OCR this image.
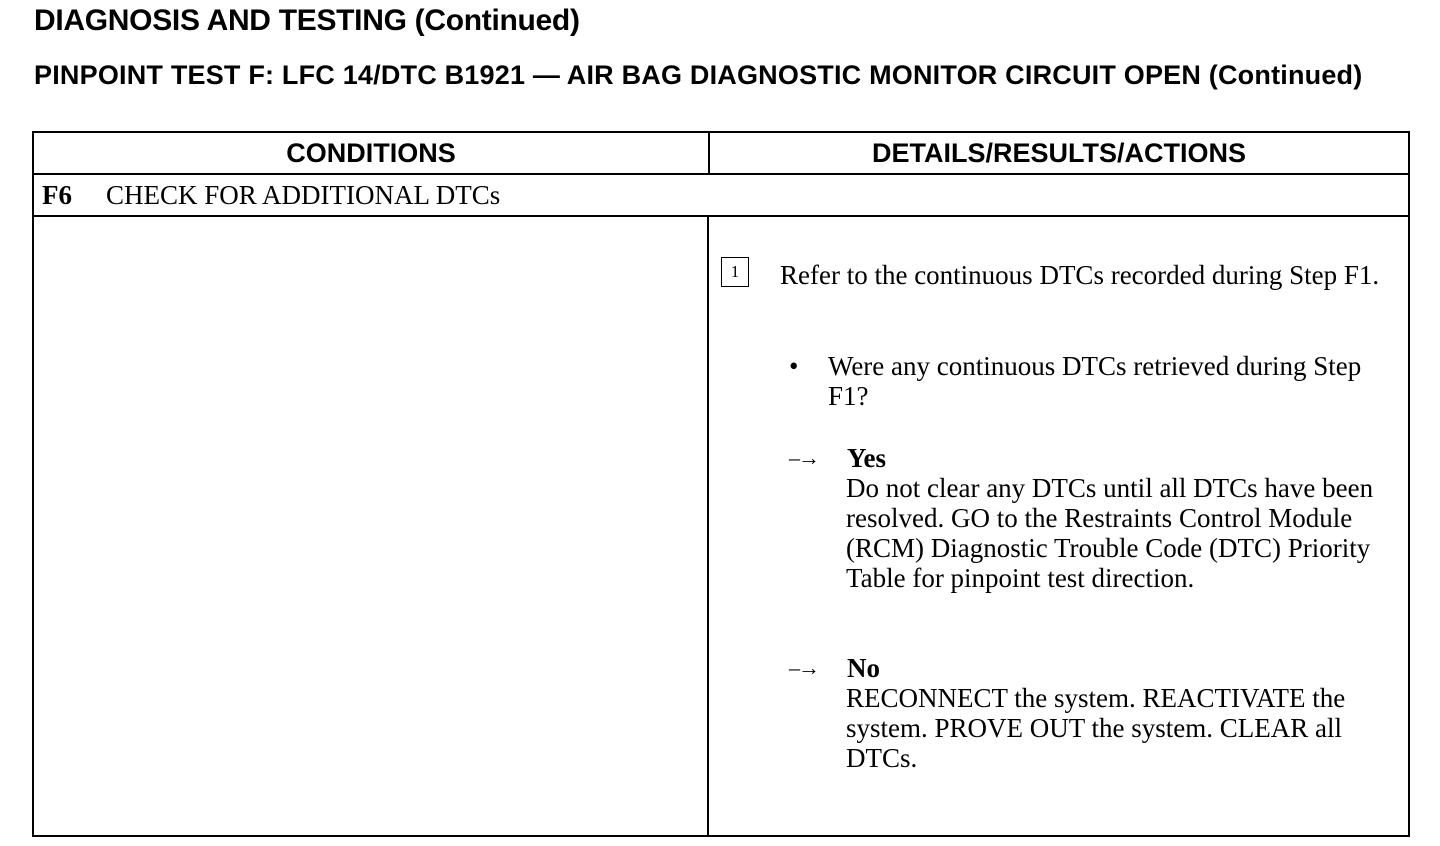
DIAGNOSIS AND TESTING (Continued)
PINPOINT TEST F: LFC 14/DTC B1921 — AIR BAG DIAGNOSTIC MONITOR CIRCUIT OPEN (Continued)
CONDITIONS	DETAILS/RESULTS/ACTIONS
F6 CHECK FOR ADDITIONAL DTCs
1	Refer to the continuous DTCs recorded during Step F1.
• Were any continuous DTCs retrieved during Step F1?
–→ Yes
Do not clear any DTCs until all DTCs have been resolved. GO to the Restraints Control Module (RCM) Diagnostic Trouble Code (DTC) Priority Table for pinpoint test direction.
–→ No
RECONNECT the system. REACTIVATE the system. PROVE OUT the system. CLEAR all DTCs.
